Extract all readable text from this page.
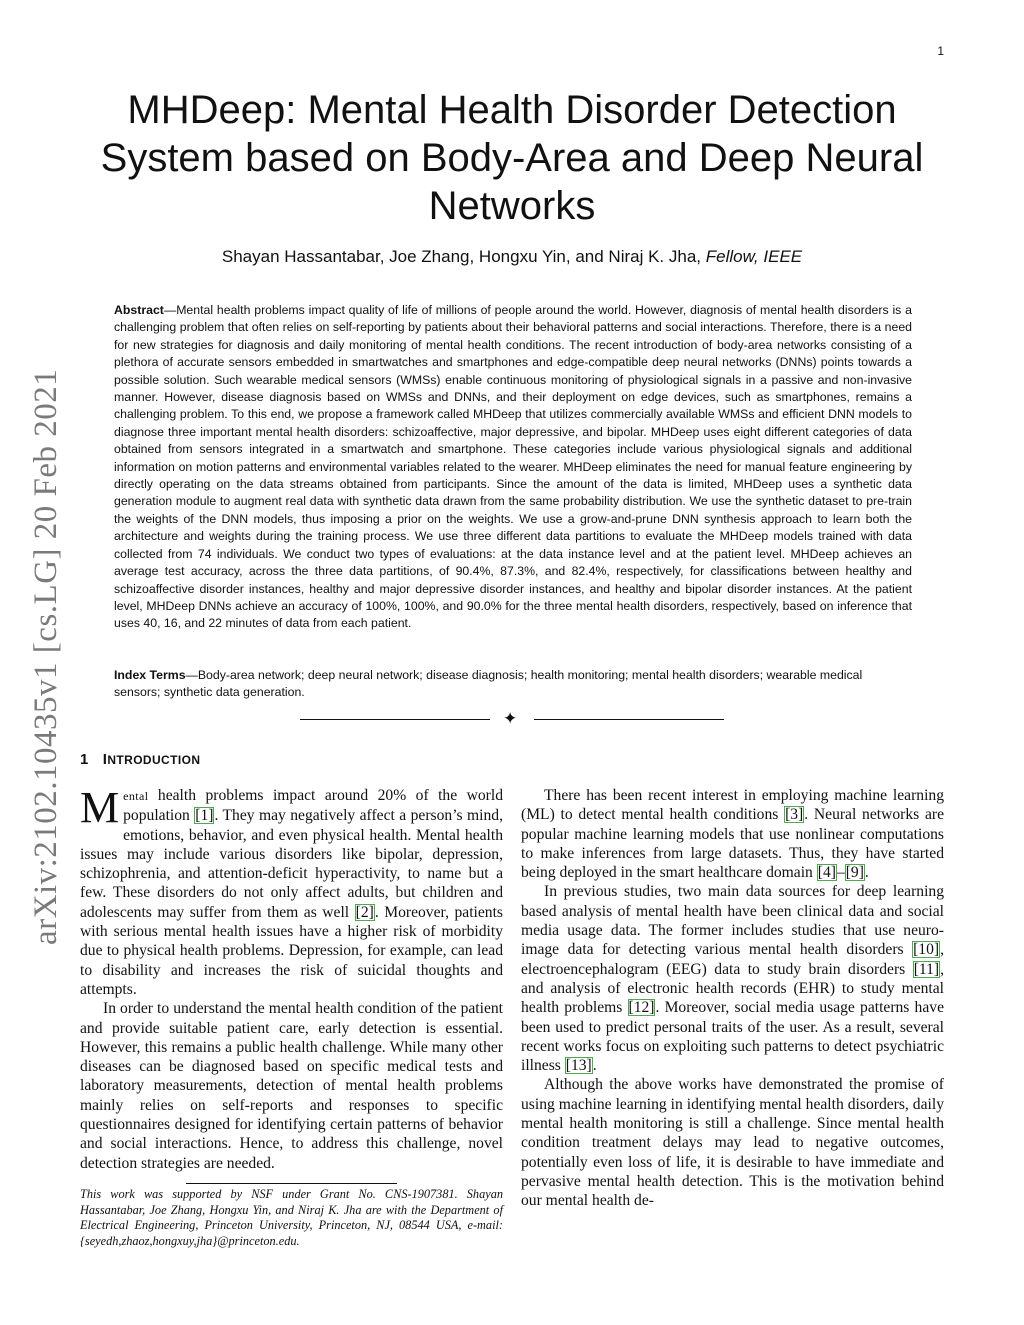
1
arXiv:2102.10435v1 [cs.LG] 20 Feb 2021
MHDeep: Mental Health Disorder Detection System based on Body-Area and Deep Neural Networks
Shayan Hassantabar, Joe Zhang, Hongxu Yin, and Niraj K. Jha, Fellow, IEEE

Abstract—Mental health problems impact quality of life of millions of people around the world. However, diagnosis of mental health disorders is a challenging problem that often relies on self-reporting by patients about their behavioral patterns and social interactions. Therefore, there is a need for new strategies for diagnosis and daily monitoring of mental health conditions. The recent introduction of body-area networks consisting of a plethora of accurate sensors embedded in smartwatches and smartphones and edge-compatible deep neural networks (DNNs) points towards a possible solution. Such wearable medical sensors (WMSs) enable continuous monitoring of physiological signals in a passive and non-invasive manner. However, disease diagnosis based on WMSs and DNNs, and their deployment on edge devices, such as smartphones, remains a challenging problem. To this end, we propose a framework called MHDeep that utilizes commercially available WMSs and efficient DNN models to diagnose three important mental health disorders: schizoaffective, major depressive, and bipolar. MHDeep uses eight different categories of data obtained from sensors integrated in a smartwatch and smartphone. These categories include various physiological signals and additional information on motion patterns and environmental variables related to the wearer. MHDeep eliminates the need for manual feature engineering by directly operating on the data streams obtained from participants. Since the amount of the data is limited, MHDeep uses a synthetic data generation module to augment real data with synthetic data drawn from the same probability distribution. We use the synthetic dataset to pre-train the weights of the DNN models, thus imposing a prior on the weights. We use a grow-and-prune DNN synthesis approach to learn both the architecture and weights during the training process. We use three different data partitions to evaluate the MHDeep models trained with data collected from 74 individuals. We conduct two types of evaluations: at the data instance level and at the patient level. MHDeep achieves an average test accuracy, across the three data partitions, of 90.4%, 87.3%, and 82.4%, respectively, for classifications between healthy and schizoaffective disorder instances, healthy and major depressive disorder instances, and healthy and bipolar disorder instances. At the patient level, MHDeep DNNs achieve an accuracy of 100%, 100%, and 90.0% for the three mental health disorders, respectively, based on inference that uses 40, 16, and 22 minutes of data from each patient.

Index Terms—Body-area network; deep neural network; disease diagnosis; health monitoring; mental health disorders; wearable medical sensors; synthetic data generation.

✦
1 INTRODUCTION

Mental health problems impact around 20% of the world population [1]. They may negatively affect a person’s mind, emotions, behavior, and even physical health. Mental health issues may include various disorders like bipolar, depression, schizophrenia, and attention-deficit hyperactivity, to name but a few. These disorders do not only affect adults, but children and adolescents may suffer from them as well [2]. Moreover, patients with serious mental health issues have a higher risk of morbidity due to physical health problems. Depression, for example, can lead to disability and increases the risk of suicidal thoughts and attempts.

In order to understand the mental health condition of the patient and provide suitable patient care, early detection is essential. However, this remains a public health challenge. While many other diseases can be diagnosed based on specific medical tests and laboratory measurements, detection of mental health problems mainly relies on self-reports and responses to specific questionnaires designed for identifying certain patterns of behavior and social interactions. Hence, to address this challenge, novel detection strategies are needed.

There has been recent interest in employing machine learning (ML) to detect mental health conditions [3]. Neural networks are popular machine learning models that use nonlinear computations to make inferences from large datasets. Thus, they have started being deployed in the smart healthcare domain [4]–[9].

In previous studies, two main data sources for deep learning based analysis of mental health have been clinical data and social media usage data. The former includes studies that use neuro-image data for detecting various mental health disorders [10], electroencephalogram (EEG) data to study brain disorders [11], and analysis of electronic health records (EHR) to study mental health problems [12]. Moreover, social media usage patterns have been used to predict personal traits of the user. As a result, several recent works focus on exploiting such patterns to detect psychiatric illness [13].

Although the above works have demonstrated the promise of using machine learning in identifying mental health disorders, daily mental health monitoring is still a challenge. Since mental health condition treatment delays may lead to negative outcomes, potentially even loss of life, it is desirable to have immediate and pervasive mental health detection. This is the motivation behind our mental health de-

This work was supported by NSF under Grant No. CNS-1907381. Shayan Hassantabar, Joe Zhang, Hongxu Yin, and Niraj K. Jha are with the Department of Electrical Engineering, Princeton University, Princeton, NJ, 08544 USA, e-mail:{seyedh,zhaoz,hongxuy,jha}@princeton.edu.
